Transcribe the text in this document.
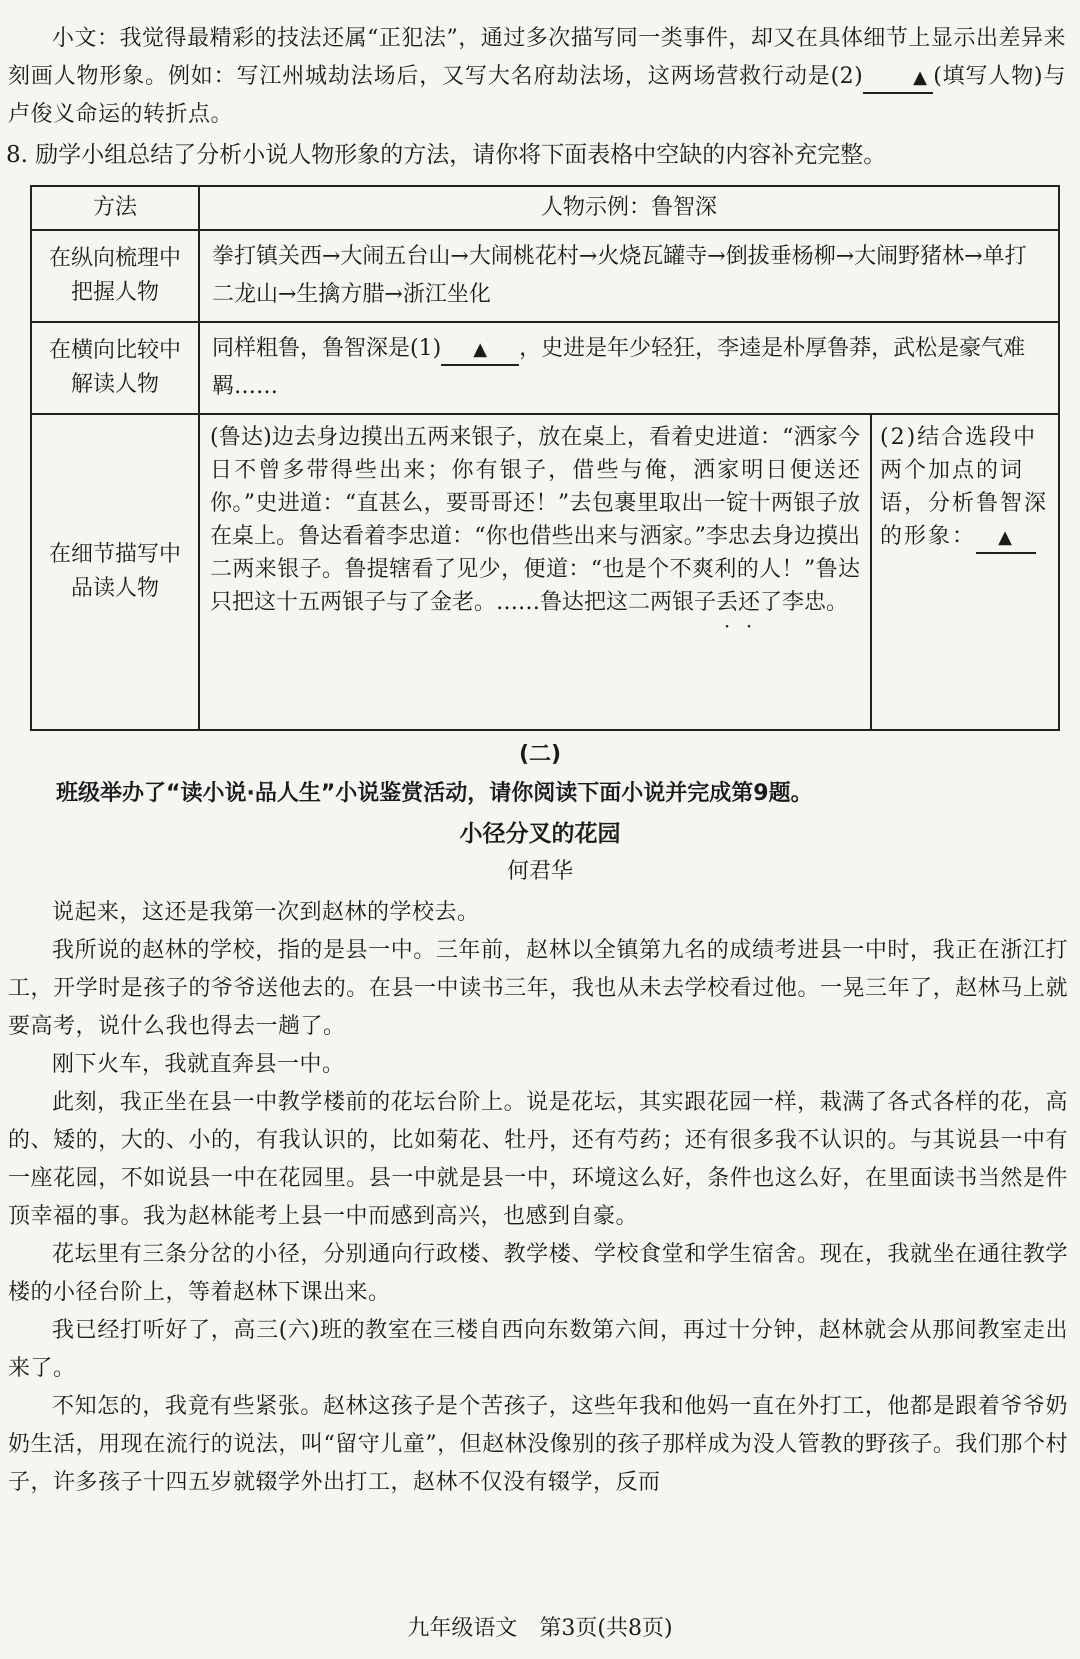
小文：我觉得最精彩的技法还属“正犯法”，通过多次描写同一类事件，却又在具体细节上显示出差异来刻画人物形象。例如：写江州城劫法场后，又写大名府劫法场，这两场营救行动是(2)	▲ (填写人物)与卢俊义命运的转折点。

8. 励学小组总结了分析小说人物形象的方法，请你将下面表格中空缺的内容补充完整。

方法	人物示例：鲁智深	
在纵向梳理中把握人物	拳打镇关西→大闹五台山→大闹桃花村→火烧瓦罐寺→倒拔垂杨柳→大闹野猪林→单打二龙山→生擒方腊→浙江坐化	
在横向比较中解读人物	同样粗鲁，鲁智深是(1) ▲ ，史进是年少轻狂，李逵是朴厚鲁莽，武松是豪气难羁……	
在细节描写中品读人物	(鲁达)边去身边摸出五两来银子，放在桌上，看着史进道：“洒家今日不曾多带得些出来；你有银子，借些与俺，洒家明日便送还你。”史进道：“直甚么，要哥哥还！”去包裹里取出一锭十两银子放在桌上。鲁达看着李忠道：“你也借些出来与洒家。”李忠去身边摸出二两来银子。鲁提辖看了见少，便道：“也是个不爽利的人！”鲁达只把这十五两银子与了金老。……鲁达把这二两银子丢还了李忠。	(2)结合选段中两个加点的词语，分析鲁智深的形象： ▲
(二)

班级举办了“读小说·品人生”小说鉴赏活动，请你阅读下面小说并完成第9题。

小径分叉的花园
何君华

说起来，这还是我第一次到赵林的学校去。

我所说的赵林的学校，指的是县一中。三年前，赵林以全镇第九名的成绩考进县一中时，我正在浙江打工，开学时是孩子的爷爷送他去的。在县一中读书三年，我也从未去学校看过他。一晃三年了，赵林马上就要高考，说什么我也得去一趟了。

刚下火车，我就直奔县一中。

此刻，我正坐在县一中教学楼前的花坛台阶上。说是花坛，其实跟花园一样，栽满了各式各样的花，高的、矮的，大的、小的，有我认识的，比如菊花、牡丹，还有芍药；还有很多我不认识的。与其说县一中有一座花园，不如说县一中在花园里。县一中就是县一中，环境这么好，条件也这么好，在里面读书当然是件顶幸福的事。我为赵林能考上县一中而感到高兴，也感到自豪。

花坛里有三条分岔的小径，分别通向行政楼、教学楼、学校食堂和学生宿舍。现在，我就坐在通往教学楼的小径台阶上，等着赵林下课出来。

我已经打听好了，高三(六)班的教室在三楼自西向东数第六间，再过十分钟，赵林就会从那间教室走出来了。

不知怎的，我竟有些紧张。赵林这孩子是个苦孩子，这些年我和他妈一直在外打工，他都是跟着爷爷奶奶生活，用现在流行的说法，叫“留守儿童”，但赵林没像别的孩子那样成为没人管教的野孩子。我们那个村子，许多孩子十四五岁就辍学外出打工，赵林不仅没有辍学，反而

九年级语文　第3页(共8页)
